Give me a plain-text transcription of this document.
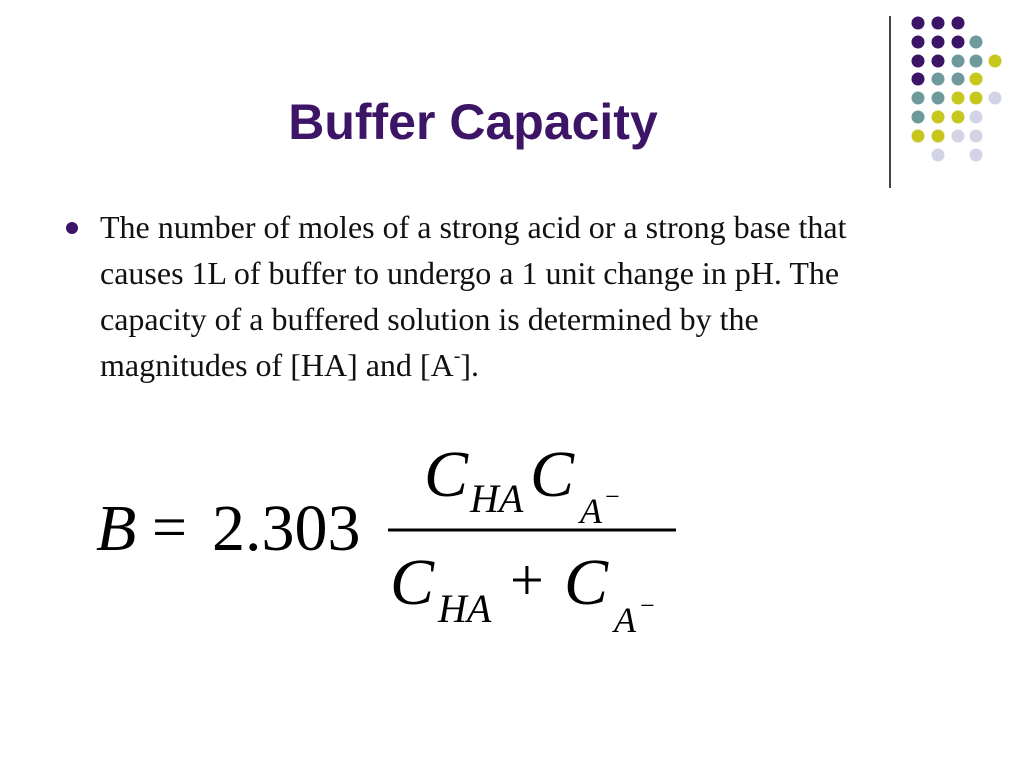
Buffer Capacity
The number of moles of a strong acid or a strong base that causes 1L of buffer to undergo a 1 unit change in pH. The capacity of a buffered solution is determined by the magnitudes of [HA] and [A-].
B = 2.303
C HA C A −
C HA + C
A −
